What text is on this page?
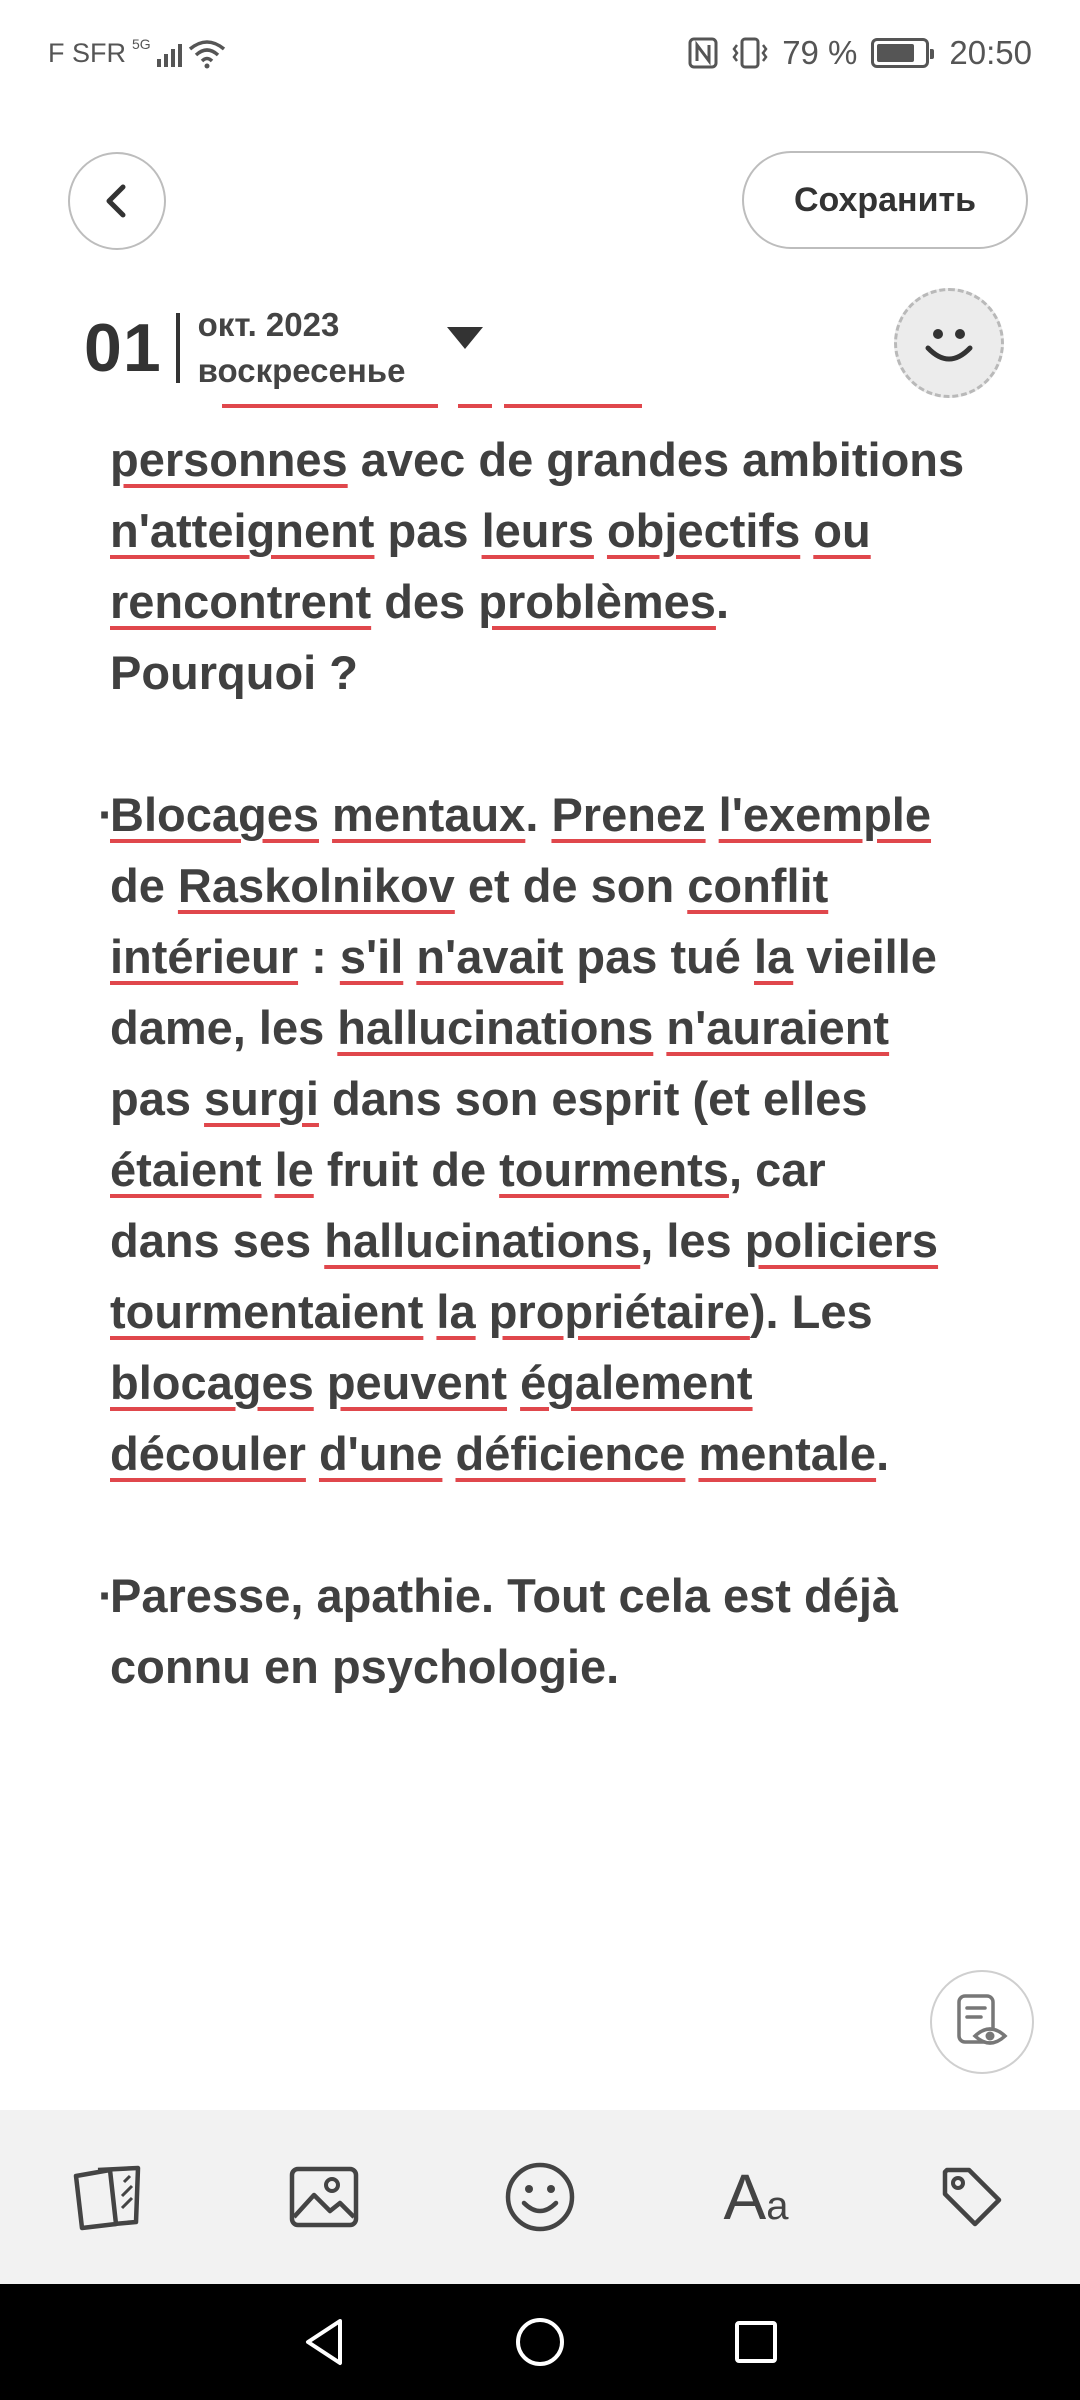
F SFR 5G	79 %	20:50
Сохранить
01 окт. 2023
воскресенье
personnes avec de grandes ambitions
n'atteignent pas leurs objectifs ou
rencontrent des problèmes.
Pourquoi ?
·
Blocages mentaux. Prenez l'exemple
de Raskolnikov et de son conflit
intérieur : s'il n'avait pas tué la vieille
dame, les hallucinations n'auraient
pas surgi dans son esprit (et elles
étaient le fruit de tourments, car
dans ses hallucinations, les policiers
tourmentaient la propriétaire). Les
blocages peuvent également
découler d'une déficience mentale.
·
Paresse, apathie. Tout cela est déjà
connu en psychologie.
Aa
